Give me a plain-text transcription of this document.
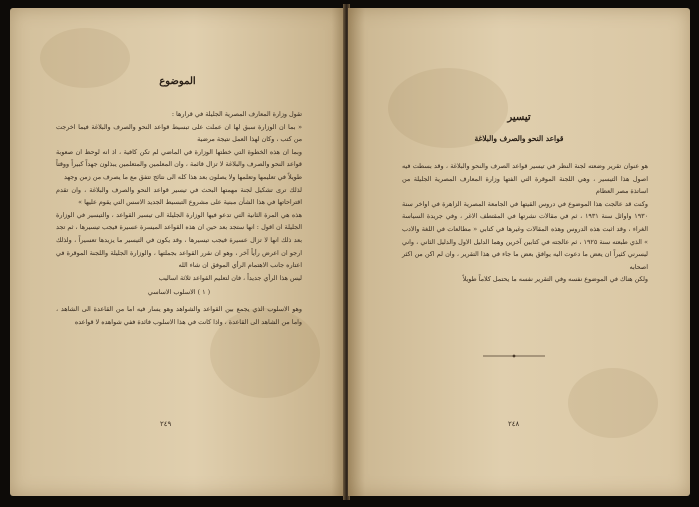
الموضوع

تقول وزارة المعارف المصرية الجليلة في قرارها :

« بما ان الوزارة سبق لها ان عملت على تبسيط قواعد النحو والصرف والبلاغة فيما اخرجت من كتب ، وكان لهذا العمل نتيجة مرضية

وبما ان هذه الخطوة التي خطتها الوزارة في الماضي لم تكن كافية ، اذ انه لوحظ ان صعوبة قواعد النحو والصرف والبلاغة لا تزال قائمة ، وان المعلمين والمتعلمين يبذلون جهداً كبيراً ووقتاً طويلاً في تعليمها وتعلمها ولا يصلون بعد هذا كله الى نتائج تتفق مع ما يصرف من زمن وجهد

لذلك ترى تشكيل لجنة مهمتها البحث في تيسير قواعد النحو والصرف والبلاغة ، وان تقدم اقتراحاتها في هذا الشأن مبنية على مشروع التبسيط الجديد الاسس التي يقوم عليها »

هذه هي المرة الثانية التي تدعو فيها الوزارة الجليلة الى تيسير القواعد ، والتيسير في الوزارة الجليلة ان اقول : انها ستجد بعد حين ان هذه القواعد الميسرة عسيرة فيجب تيسيرها ، ثم تجد بعد ذلك انها لا تزال عسيرة فيجب تيسيرها ، وقد يكون في التيسير ما يزيدها تعسيراً ، ولذلك ارجو ان اعرض رأياً آخر ، وهو ان نقرر القواعد بجملتها ، والوزارة الجليلة واللجنة الموقرة في اعتاره جانب الاهتمام الرأي الموفق ان شاء الله

ليس هذا الرأي جديداً ، فان لتعليم القواعد ثلاثة اساليب

( ١ ) الاسلوب الاساسي

وهو الاسلوب الذي يجمع بين القواعد والشواهد وهو يسار فيه اما من القاعدة الى الشاهد ، واما من الشاهد الى القاعدة ، واذا كانت في هذا الاسلوب فائدة ففي شواهده لا قواعده

٢٤٩
تيسير
قواعد النحو والصرف والبلاغة

هو عنوان تقرير وضعته لجنة النظر في تيسير قواعد الصرف والنحو والبلاغة ، وقد بسطت فيه اصول هذا التيسير ، وهي اللجنة الموقرة التي الفتها وزارة المعارف المصرية الجليلة من اساتذة مصر العظام

وكنت قد عالجت هذا الموضوع في دروس القيتها في الجامعة المصرية الزاهرة في اواخر سنة ١٩٣٠ واوائل سنة ١٩٣١ ، ثم في مقالات نشرتها في المقتطف الاغر ، وفي جريدة السياسة الغراء ، وقد اثبت هذه الدروس وهذه المقالات وغيرها في كتابي « مطالعات في اللغة والادب » الذي طبعته سنة ١٩٢٥ ، ثم عالجته في كتابين آخرين وهما الدليل الاول والدليل الثاني ، واني ليسرني كثيراً ان يعض ما دعوت اليه يوافق بعض ما جاء في هذا التقرير ، وان لم اكن من اكثر اصحابه

ولكن هناك في الموضوع نفسه وفي التقرير نفسه ما يحتمل كلاماً طويلاً

٢٤٨
